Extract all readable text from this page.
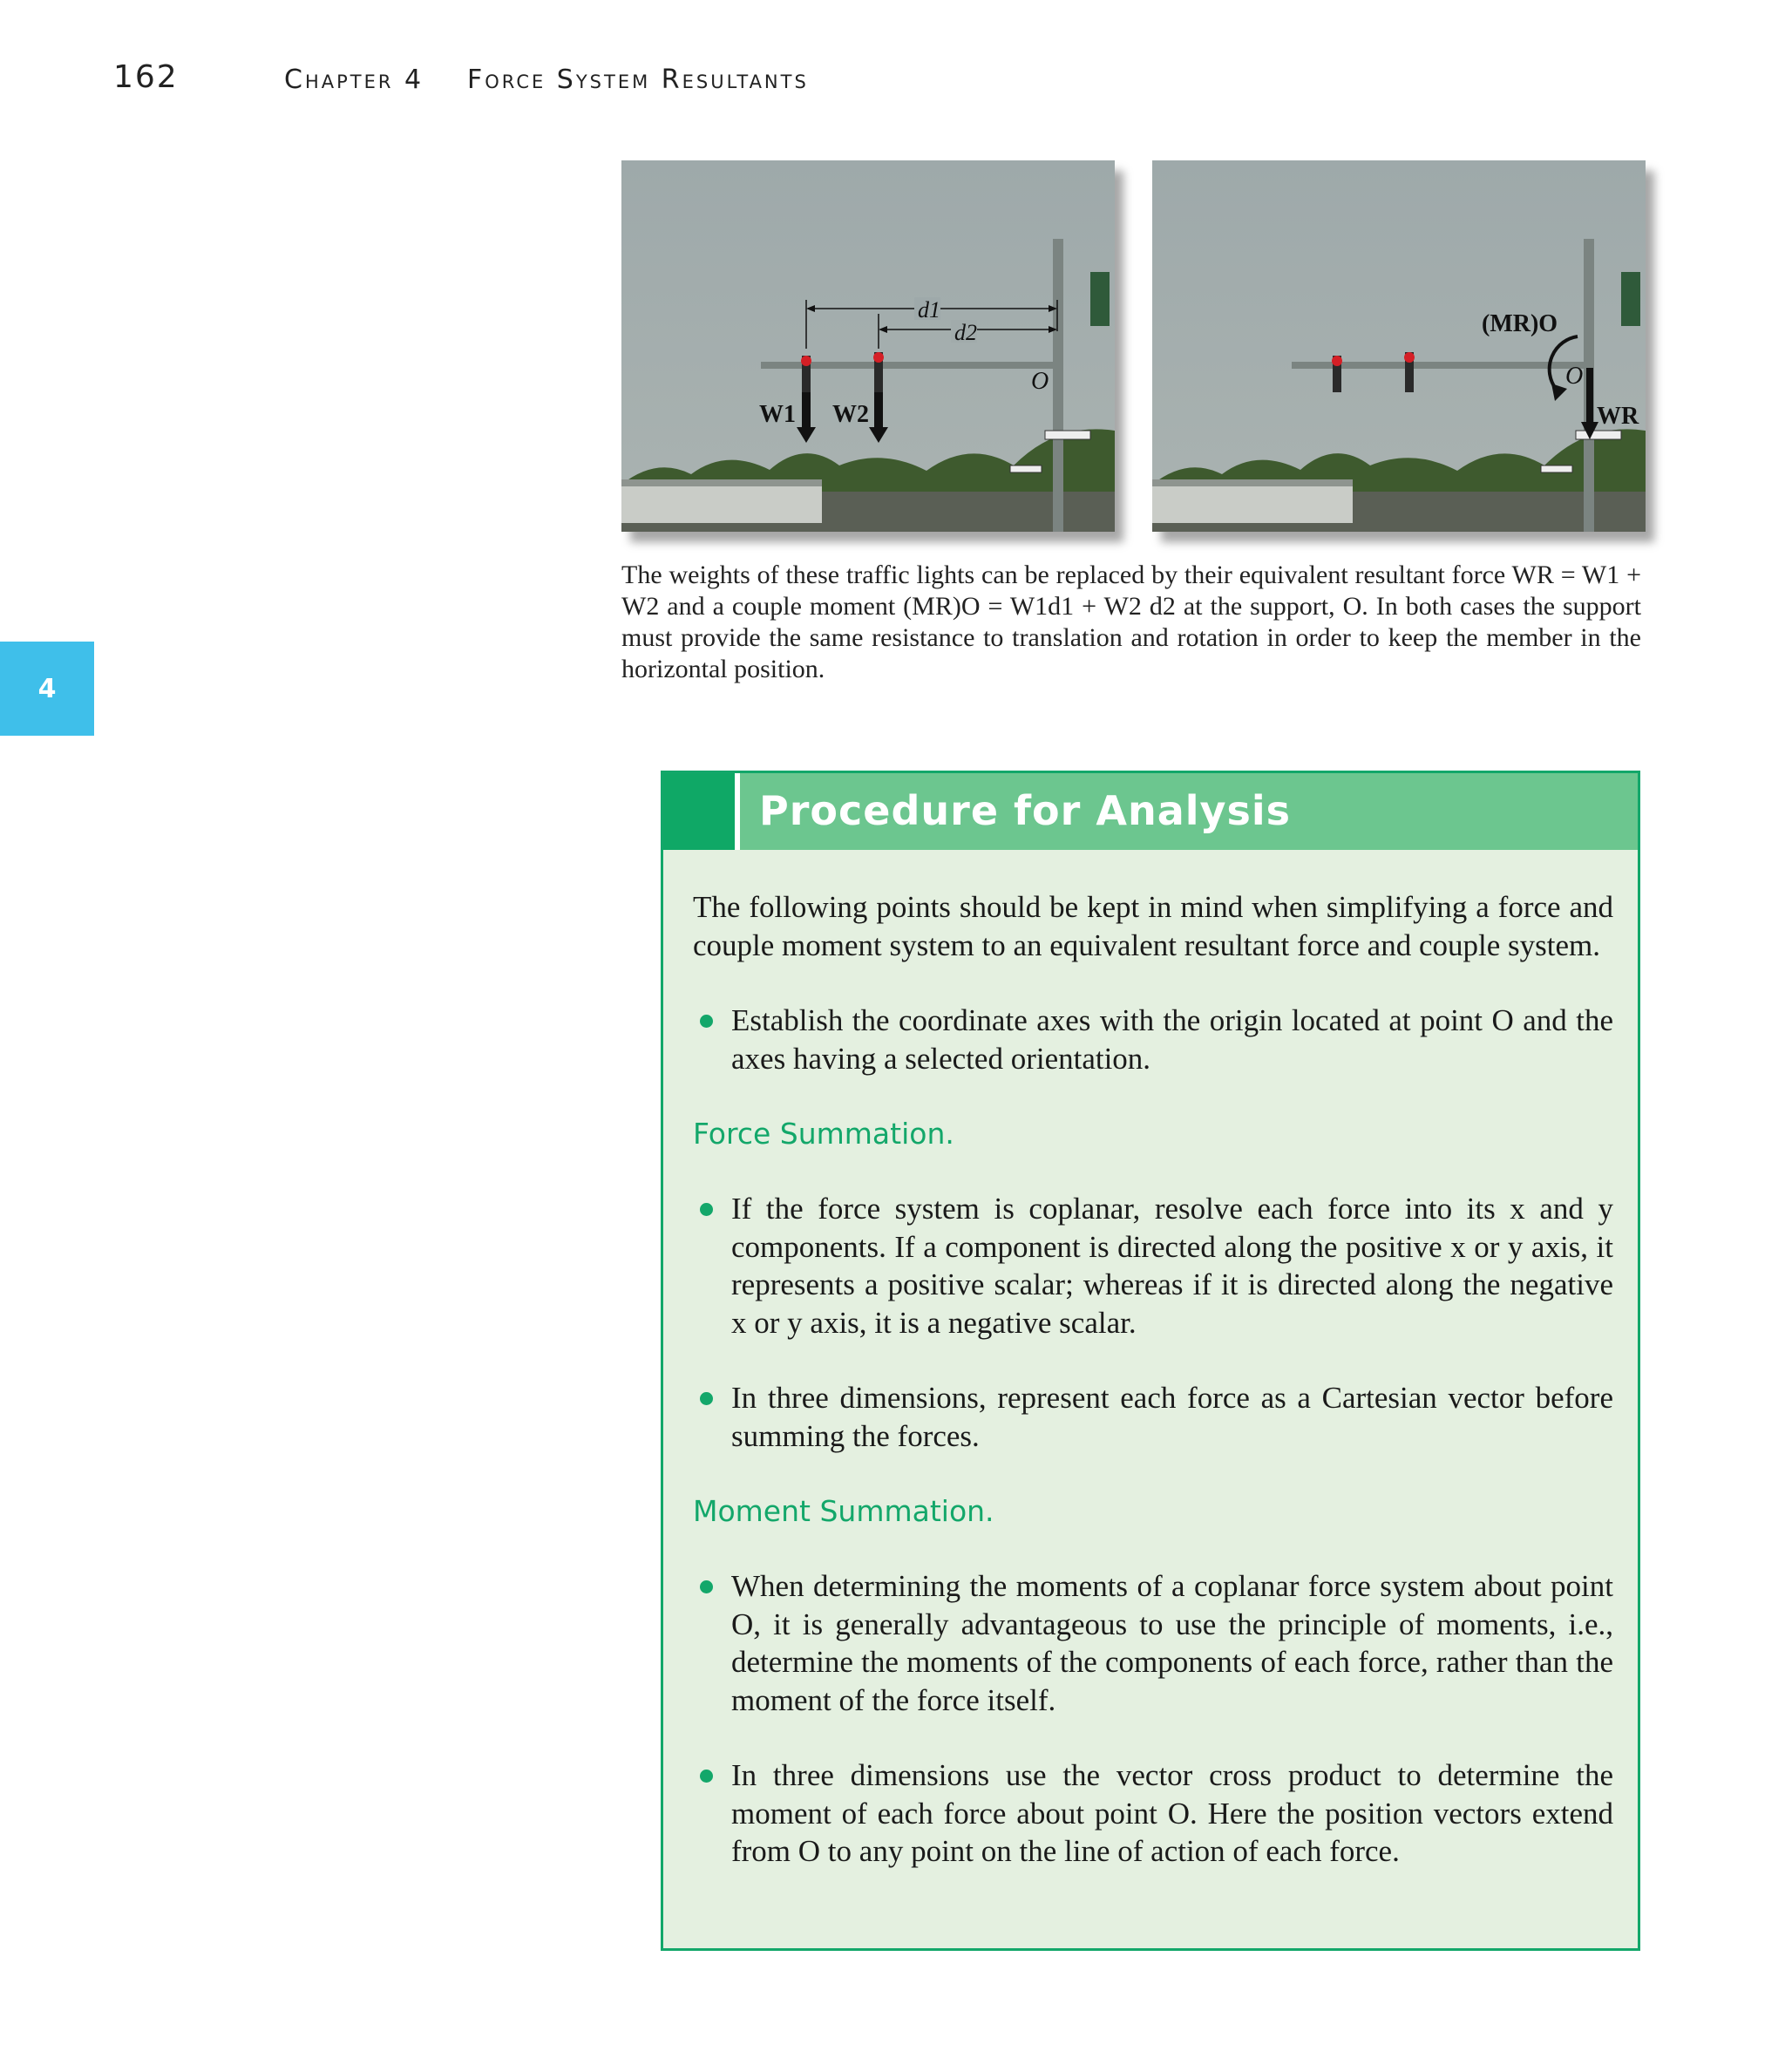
162	Chapter 4 Force System Resultants
4
d1
d2
O
W1 W2
(MR)O
O
WR

The weights of these traffic lights can be replaced by their equivalent resultant force WR = W1 + W2 and a couple moment (MR)O = W1d1 + W2 d2 at the support, O. In both cases the support must provide the same resistance to translation and rotation in order to keep the member in the horizontal position.

Procedure for Analysis

The following points should be kept in mind when simplifying a force and couple moment system to an equivalent resultant force and couple system.

Establish the coordinate axes with the origin located at point O and the axes having a selected orientation.
Force Summation.
If the force system is coplanar, resolve each force into its x and y components. If a component is directed along the positive x or y axis, it represents a positive scalar; whereas if it is directed along the negative x or y axis, it is a negative scalar.
In three dimensions, represent each force as a Cartesian vector before summing the forces.
Moment Summation.
When determining the moments of a coplanar force system about point O, it is generally advantageous to use the principle of moments, i.e., determine the moments of the components of each force, rather than the moment of the force itself.
In three dimensions use the vector cross product to determine the moment of each force about point O. Here the position vectors extend from O to any point on the line of action of each force.
